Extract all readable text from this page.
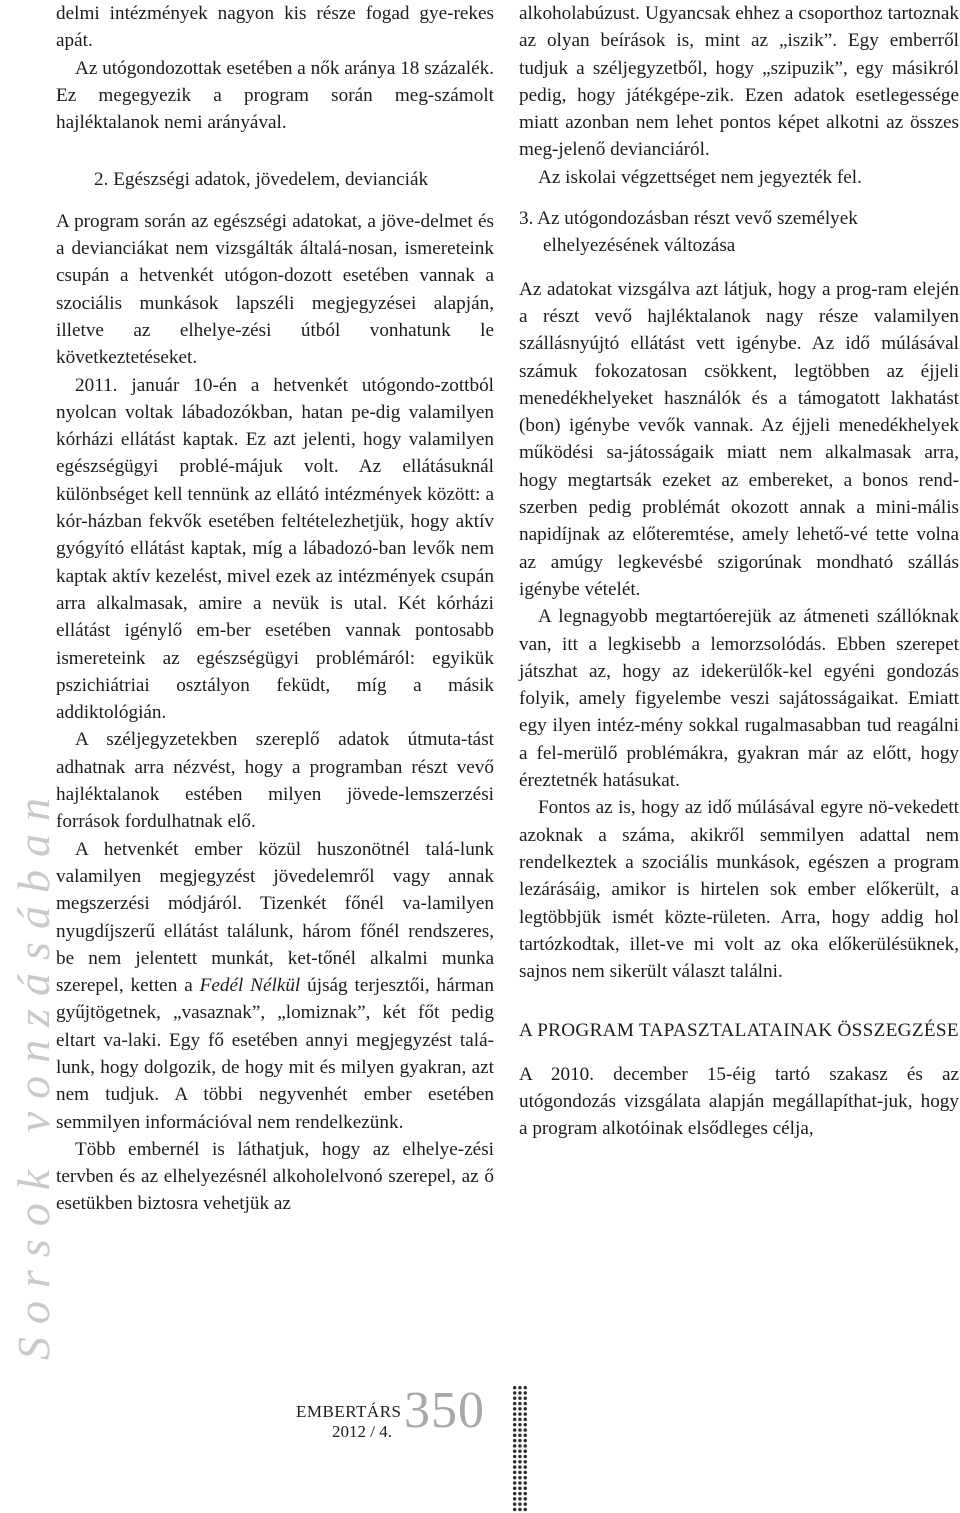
Sorsok vonzásában

delmi intézmények nagyon kis része fogad gye-rekes apát.

Az utógondozottak esetében a nők aránya 18 százalék. Ez megegyezik a program során meg-számolt hajléktalanok nemi arányával.

2. Egészségi adatok, jövedelem, devianciák

A program során az egészségi adatokat, a jöve-delmet és a devianciákat nem vizsgálták általá-nosan, ismereteink csupán a hetvenkét utógon-dozott esetében vannak a szociális munkások lapszéli megjegyzései alapján, illetve az elhelye-zési útból vonhatunk le következtetéseket.

2011. január 10-én a hetvenkét utógondo-zottból nyolcan voltak lábadozókban, hatan pe-dig valamilyen kórházi ellátást kaptak. Ez azt jelenti, hogy valamilyen egészségügyi problé-májuk volt. Az ellátásuknál különbséget kell tennünk az ellátó intézmények között: a kór-házban fekvők esetében feltételezhetjük, hogy aktív gyógyító ellátást kaptak, míg a lábadozó-ban levők nem kaptak aktív kezelést, mivel ezek az intézmények csupán arra alkalmasak, amire a nevük is utal. Két kórházi ellátást igénylő em-ber esetében vannak pontosabb ismereteink az egészségügyi problémáról: egyikük pszichiátriai osztályon feküdt, míg a másik addiktológián.

A széljegyzetekben szereplő adatok útmuta-tást adhatnak arra nézvést, hogy a programban részt vevő hajléktalanok estében milyen jövede-lemszerzési források fordulhatnak elő.

A hetvenkét ember közül huszonötnél talá-lunk valamilyen megjegyzést jövedelemről vagy annak megszerzési módjáról. Tizenkét főnél va-lamilyen nyugdíjszerű ellátást találunk, három főnél rendszeres, be nem jelentett munkát, ket-tőnél alkalmi munka szerepel, ketten a Fedél Nélkül újság terjesztői, hárman gyűjtögetnek, „vasaznak”, „lomiznak”, két főt pedig eltart va-laki. Egy fő esetében annyi megjegyzést talá-lunk, hogy dolgozik, de hogy mit és milyen gyakran, azt nem tudjuk. A többi negyvenhét ember esetében semmilyen információval nem rendelkezünk.

Több embernél is láthatjuk, hogy az elhelye-zési tervben és az elhelyezésnél alkoholelvonó szerepel, az ő esetükben biztosra vehetjük az

alkoholabúzust. Ugyancsak ehhez a csoporthoz tartoznak az olyan beírások is, mint az „iszik”. Egy emberről tudjuk a széljegyzetből, hogy „szipuzik”, egy másikról pedig, hogy játékgépe-zik. Ezen adatok esetlegessége miatt azonban nem lehet pontos képet alkotni az összes meg-jelenő devianciáról.

Az iskolai végzettséget nem jegyezték fel.

3. Az utógondozásban részt vevő személyek elhelyezésének változása

Az adatokat vizsgálva azt látjuk, hogy a prog-ram elején a részt vevő hajléktalanok nagy része valamilyen szállásnyújtó ellátást vett igénybe. Az idő múlásával számuk fokozatosan csökkent, legtöbben az éjjeli menedékhelyeket használók és a támogatott lakhatást (bon) igénybe vevők vannak. Az éjjeli menedékhelyek működési sa-játosságaik miatt nem alkalmasak arra, hogy megtartsák ezeket az embereket, a bonos rend-szerben pedig problémát okozott annak a mini-mális napidíjnak az előteremtése, amely lehető-vé tette volna az amúgy legkevésbé szigorúnak mondható szállás igénybe vételét.

A legnagyobb megtartóerejük az átmeneti szállóknak van, itt a legkisebb a lemorzsolódás. Ebben szerepet játszhat az, hogy az idekerülők-kel egyéni gondozás folyik, amely figyelembe veszi sajátosságaikat. Emiatt egy ilyen intéz-mény sokkal rugalmasabban tud reagálni a fel-merülő problémákra, gyakran már az előtt, hogy éreztetnék hatásukat.

Fontos az is, hogy az idő múlásával egyre nö-vekedett azoknak a száma, akikről semmilyen adattal nem rendelkeztek a szociális munkások, egészen a program lezárásáig, amikor is hirtelen sok ember előkerült, a legtöbbjük ismét közte-rületen. Arra, hogy addig hol tartózkodtak, illet-ve mi volt az oka előkerülésüknek, sajnos nem sikerült választ találni.

A PROGRAM TAPASZTALATAINAK ÖSSZEGZÉSE

A 2010. december 15-éig tartó szakasz és az utógondozás vizsgálata alapján megállapíthat-juk, hogy a program alkotóinak elsődleges célja,

EMBERTÁRS
2012 / 4. 350
